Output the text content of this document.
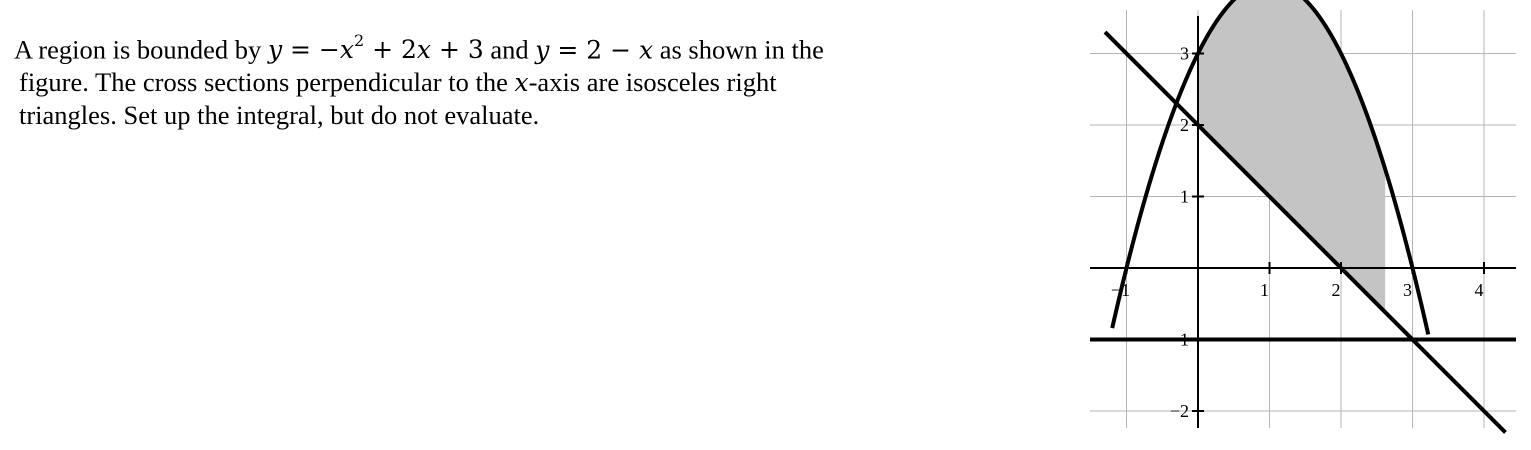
A region is bounded by $y = -x^2 + 2x + 3$ and y = 2 − x as shown in the
figure. The cross sections perpendicular to the x-axis are isosceles right
triangles. Set up the integral, but do not evaluate.
−1	1	2	3	4
−2
−1
1
2
3
